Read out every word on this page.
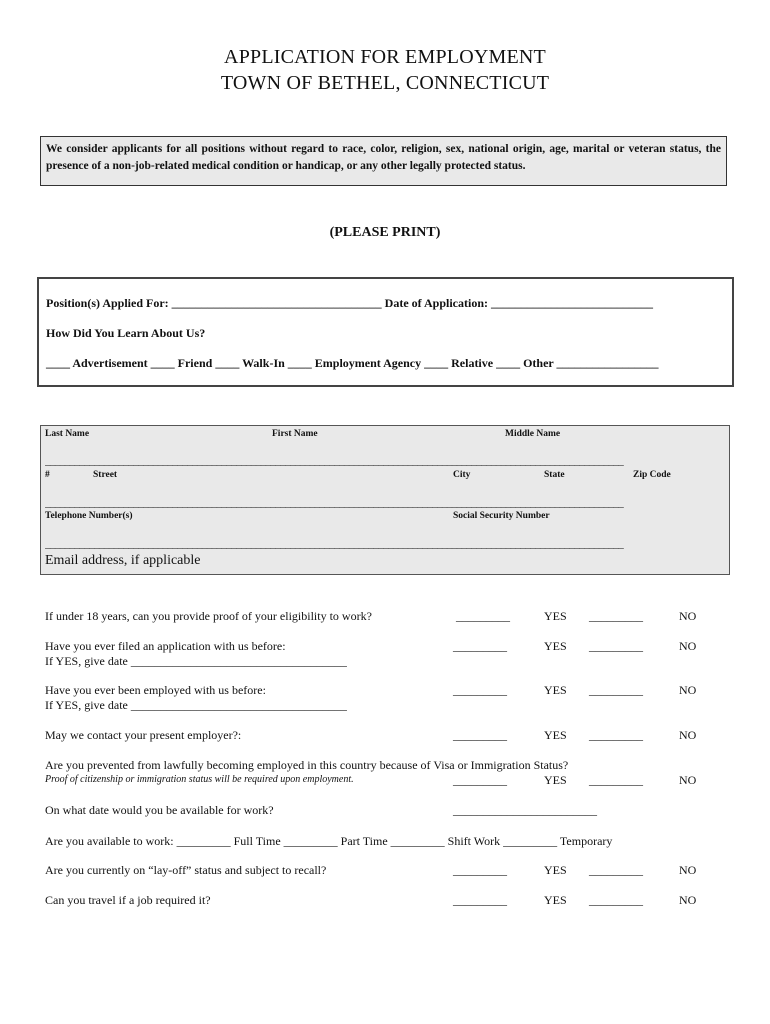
APPLICATION FOR EMPLOYMENT
TOWN OF BETHEL, CONNECTICUT
We consider applicants for all positions without regard to race, color, religion, sex, national origin, age, marital or veteran status, the presence of a non-job-related medical condition or handicap, or any other legally protected status.
(PLEASE PRINT)
Position(s) Applied For: ___________________________________ Date of Application: ___________________________
How Did You Learn About Us?
____ Advertisement ____ Friend ____ Walk-In ____ Employment Agency ____ Relative ____ Other _________________
Last Name	First Name	Middle Name
______________________________________________________________________________________________________________________
#	Street	City	State	Zip Code
______________________________________________________________________________________________________________________
Telephone Number(s)	Social Security Number
______________________________________________________________________________________________________________________
Email address, if applicable
If under 18 years, can you provide proof of your eligibility to work?	_________	YES _________	NO
Have you ever filed an application with us before:
If YES, give date ____________________________________
_________	YES _________	NO
Have you ever been employed with us before:
If YES, give date ____________________________________
_________	YES _________	NO
May we contact your present employer?:	_________	YES _________	NO
Are you prevented from lawfully becoming employed in this country because of Visa or Immigration Status?
Proof of citizenship or immigration status will be required upon employment.	_________	YES _________	NO
On what date would you be available for work?	________________________
Are you available to work: _________ Full Time _________ Part Time _________ Shift Work _________ Temporary
Are you currently on “lay-off” status and subject to recall?	_________	YES _________	NO
Can you travel if a job required it?	_________	YES _________	NO
